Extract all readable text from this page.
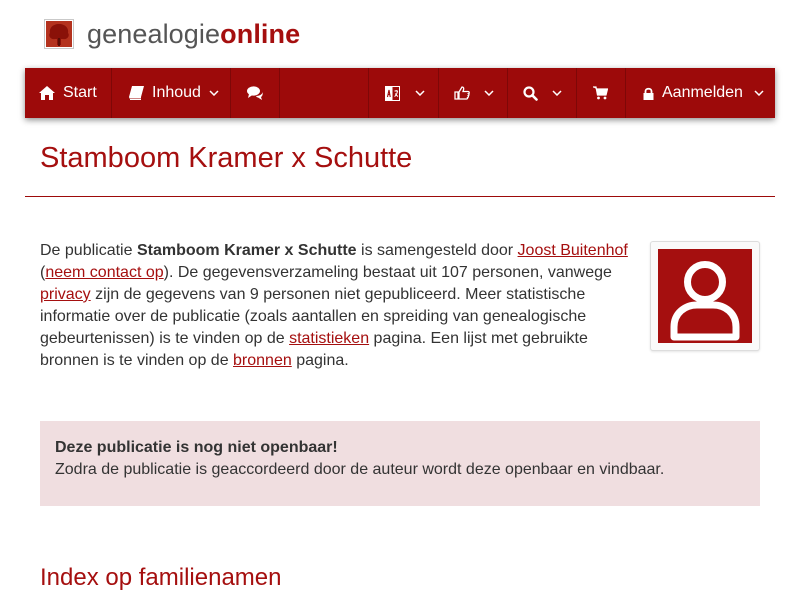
genealogieonline
Start	Inhoud	Aanmelden
Stamboom Kramer x Schutte

De publicatie Stamboom Kramer x Schutte is samengesteld door Joost Buitenhof (neem contact op). De gegevensverzameling bestaat uit 107 personen, vanwege privacy zijn de gegevens van 9 personen niet gepubliceerd. Meer statistische informatie over de publicatie (zoals aantallen en spreiding van genealogische gebeurtenissen) is te vinden op de statistieken pagina. Een lijst met gebruikte bronnen is te vinden op de bronnen pagina.

Deze publicatie is nog niet openbaar!
Zodra de publicatie is geaccordeerd door de auteur wordt deze openbaar en vindbaar.
Index op familienamen
